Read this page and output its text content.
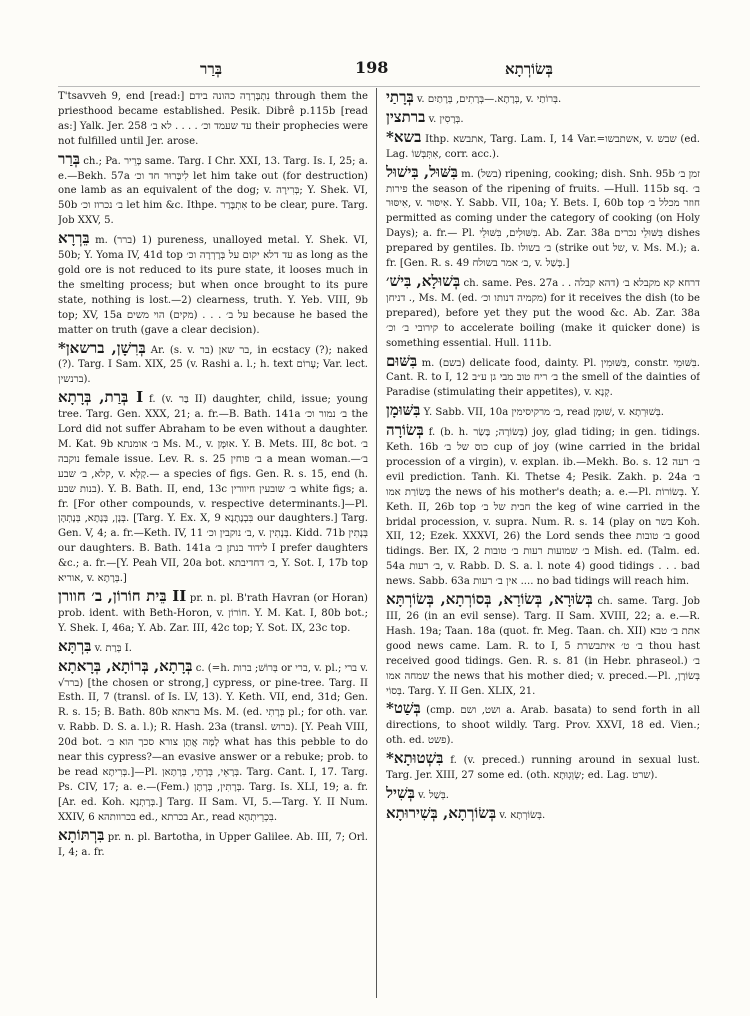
בְּרַר	198	בְּשׂוֹרְתָא

T'tsavveh 9, end [read:] נִתְבָּרְרָה כהונה בידם through them the priesthood became established. Pesik. Dibrê p.115b [read as:] Yalk. Jer. 258 עד שעמד וכ׳ . . . . לא ב׳ their prophecies were not fulfilled until Jer. arose.

בְּרַר ch.; Pa. בָּרֵיר same. Targ. I Chr. XXI, 13. Targ. Is. I, 25; a. e.—Bekh. 57a לִיבָּרוּר חד וכ׳ let him take out (for destruction) one lamb as an equivalent of the dog; v. בְּרִירָה; Y. Shek. VI, 50b ב׳ נכרוז וכ׳ let him &c. Ithpe. אִתְבָּרַר to be clear, pure. Targ. Job XXV, 5.

בֵּרְרָא m. (ברר) 1) pureness, unalloyed metal. Y. Shek. VI, 50b; Y. Yoma IV, 41d top עד דלא יקום על בְּרָרְרָה וכ׳ as long as the gold ore is not reduced to its pure state, it looses much in the smelting process; but when once brought to its pure state, nothing is lost.—2) clearness, truth. Y. Yeb. VIII, 9b top; XV, 15a על ב׳ . . . (מקים) הוי משים because he based the matter on truth (gave a clear decision).

*בְּרִשָׁן, ברשאן Ar. (s. v. בר) בר שאן, in ecstacy (?); naked (?). Targ. I Sam. XIX, 25 (v. Rashi a. l.; h. text עָרוֹם; Var. lect. ברנשין).

בְּרַת, בְּרָתָא I f. (v. בַּר II) daughter, child, issue; young tree. Targ. Gen. XXX, 21; a. fr.—B. Bath. 141a ב׳ נמור וכ׳ the Lord did not suffer Abraham to be even without a daughter. M. Kat. 9b ב׳ אומנתא Ms. M., v. אוּמָּן. Y. B. Mets. III, 8c bot. ב׳ נוקבה female issue. Lev. R. s. 25 ב׳ פוחין a mean woman.—ב׳ קלא, ב׳ שבע, v. קָלָא.— a species of figs. Gen. R. s. 15, end (h. בנות שבע). Y. B. Bath. II, end, 13c ב׳ שובעין חיוורין white figs; a. fr. [For other compounds, v. respective determinants.]—Pl. בְּנָן, בְּנָתָא, בְּנָתְהָן. [Targ. Y. Ex. X, 9 בִּבְנָתָנָא our daughters.] Targ. Gen. V, 4; a. fr.—Keth. IV, 11 ב׳ נוקבין וכ׳, v. בְּנָתִין. Kidd. 71b בְּנָתִין our daughters. B. Bath. 141a לידוד בנתן ב׳ I prefer daughters &c.; a. fr.—[Y. Peah VII, 20a bot. ב׳ דחדיבתא, Y. Sot. I, 17b top אוריא, v. בְּרָתָא.]

בֵּית חוֹרוֹן, ב׳ חוורן II pr. n. pl. B'rath Havran (or Horan) prob. ident. with Beth-Horon, v. חוֹרוֹן. Y. M. Kat. I, 80b bot.; Y. Shek. I, 46a; Y. Ab. Zar. III, 42c top; Y. Sot. IX, 23c top.

בִּרְתָּא v. בְּרַת I.

בְּרָתָא, בְּרוֹתָא, בְּרָאתָא c. (=h. בְּרוֹשׁ; ברות or ברי, v. pl.; ברי v. √ברר) [the chosen or strong,] cypress, or pine-tree. Targ. II Esth. II, 7 (transl. of Is. LV, 13). Y. Keth. VII, end, 31d; Gen. R. s. 15; B. Bath. 80b בראתא Ms. M. (ed. בְּרָתִי pl.; for oth. var. v. Rabb. D. S. a. l.); R. Hash. 23a (transl. ברוש). [Y. Peah VIII, 20d bot. לָמָּה אֲתָן צורא סכך הוא ב׳ what has this pebble to do near this cypress?—an evasive answer or a rebuke; prob. to be read בְּרִיתָא.]—Pl. בְּרָאֵי, בְּרָתֵי, בְּרָתָאן. Targ. Cant. I, 17. Targ. Ps. CIV, 17; a. e.—(Fem.) בְּרָתִין, בְּרָתָן. Targ. Is. XLI, 19; a. fr. [Ar. ed. Koh. בְּרָתְנָא.] Targ. II Sam. VI, 5.—Targ. Y. II Num. XXIV, 6 בכרוותהא ed., בכרתא Ar., read בִּכְרֵיתְהָא.

בִּרְתּוֹתָא pr. n. pl. Bartotha, in Upper Galilee. Ab. III, 7; Orl. I, 4; a. fr.

בְּרָתַי v. בְּרָתָא.—בְּרָתִים, בְּרָתַיִם, v. בְּרוֹתַי.

ברתצין v. בְּרָסִין.

*בשא Ithp. אתבשא, Targ. Lam. I, 14 Var.=אשתבשו, v. שבש (ed. Lag. אִתְּבְּשׁוֹ, corr. acc.).

בִּשּׁוּל, בִּישׁוּל m. (בשל) ripening, cooking; dish. Snh. 95b זמן ב׳ פירות the season of the ripening of fruits. —Hull. 115b sq. ב׳ אִיסּוּר, v. אִיסּוּר. Y. Sabb. VII, 10a; Y. Bets. I, 60b top חוזר מכלל ב׳ permitted as coming under the category of cooking (on Holy Days); a. fr.— Pl. בִּשּׁוּלִים, בִּשּׁוּלֵי. Ab. Zar. 38a בִּשּׁוּלֵי נכרים dishes prepared by gentiles. Ib. ב׳ בשולו (strike out של, v. Ms. M.); a. fr. [Gen. R. s. 49 ב׳ אמר בשולח, v. בָּשַׁל.]

בְּשׁוּלָא, בִּישׁ׳ ch. same. Pes. 27a דרחא קא מקבלא ב׳ (דהא קבלה . . . דניחן, Ms. M. (ed. מקמיה דנותו וכ׳) for it receives the dish (to be prepared), before yet they put the wood &c. Ab. Zar. 38a קירובי ב׳ וכ׳ to accelerate boiling (make it quicker done) is something essential. Hull. 111b.

בִּשּׁוּם m. (בשם) delicate food, dainty. Pl. בִּשּׁוּמִין, constr. בִּשּׁוּמֵי. Cant. R. to I, 12 ב׳ ריח טוב מבי גן ע״ב the smell of the dainties of Paradise (stimulating their appetites), v. קְנָא.

בִּשּׁוּמָן Y. Sabb. VII, 10a ב׳ מרקיסימין, read שׁוּמָן, v. בְּשׁוּרְתָא.

בְּשׂוֹרָה f. (b. h. בְּשׂוֹרָה; בָּשַׂר) joy, glad tiding; in gen. tidings. Keth. 16b כוס של ב׳ cup of joy (wine carried in the bridal procession of a virgin), v. explan. ib.—Mekh. Bo. s. 12 ב׳ רעה evil prediction. Tanh. Ki. Thetse 4; Pesik. Zakh. p. 24a ב׳ בְּשׂוֹרַת אמו the news of his mother's death; a. e.—Pl. בְּשׂוֹרוֹת. Y. Keth. II, 26b top חבית של ב׳ the keg of wine carried in the bridal procession, v. supra. Num. R. s. 14 (play on בשר Koh. XII, 12; Ezek. XXXVI, 26) the Lord sends thee ב׳ טובות good tidings. Ber. IX, 2 ב׳ שמועות רעות ב׳ טובות Mish. ed. (Talm. ed. 54a ב׳ רעות, v. Rabb. D. S. a. l. note 4) good tidings . . . bad news. Sabb. 63a אין ב׳ רעות .... no bad tidings will reach him.

בְּשׂוּרָא, בְּשׂוֹרָא, בְּסוֹרְתָא, בְּשׂוֹרְתָּא ch. same. Targ. Job III, 26 (in an evil sense). Targ. II Sam. XVIII, 22; a. e.—R. Hash. 19a; Taan. 18a (quot. fr. Meg. Taan. ch. XII) אתת ב׳ טבא good news came. Lam. R. to I, 5 ב׳ ט׳ איתבשרת thou hast received good tidings. Gen. R. s. 81 (in Hebr. phraseol.) ב׳ שמחה אמו the news that his mother died; v. preced.—Pl. בְּשׂוֹרָן, בְּסוֹי. Targ. Y. II Gen. XLIX, 21.

*בְּשַׁט (cmp. ושט, ושם a. Arab. basata) to send forth in all directions, to shoot wildly. Targ. Prov. XXVI, 18 ed. Vien.; oth. ed. פשט).

*בִּשְׁטוּתָא f. (v. preced.) running around in sexual lust. Targ. Jer. XIII, 27 some ed. (oth. שְׂוְגְוּתָא; ed. Lag. שרט).

בְּשִׁיל v. בְּשַׁל.

בְּשׂוֹרְתָא, בְּשִׁירוּתָא v. בְּשׂוֹרְתָא.
